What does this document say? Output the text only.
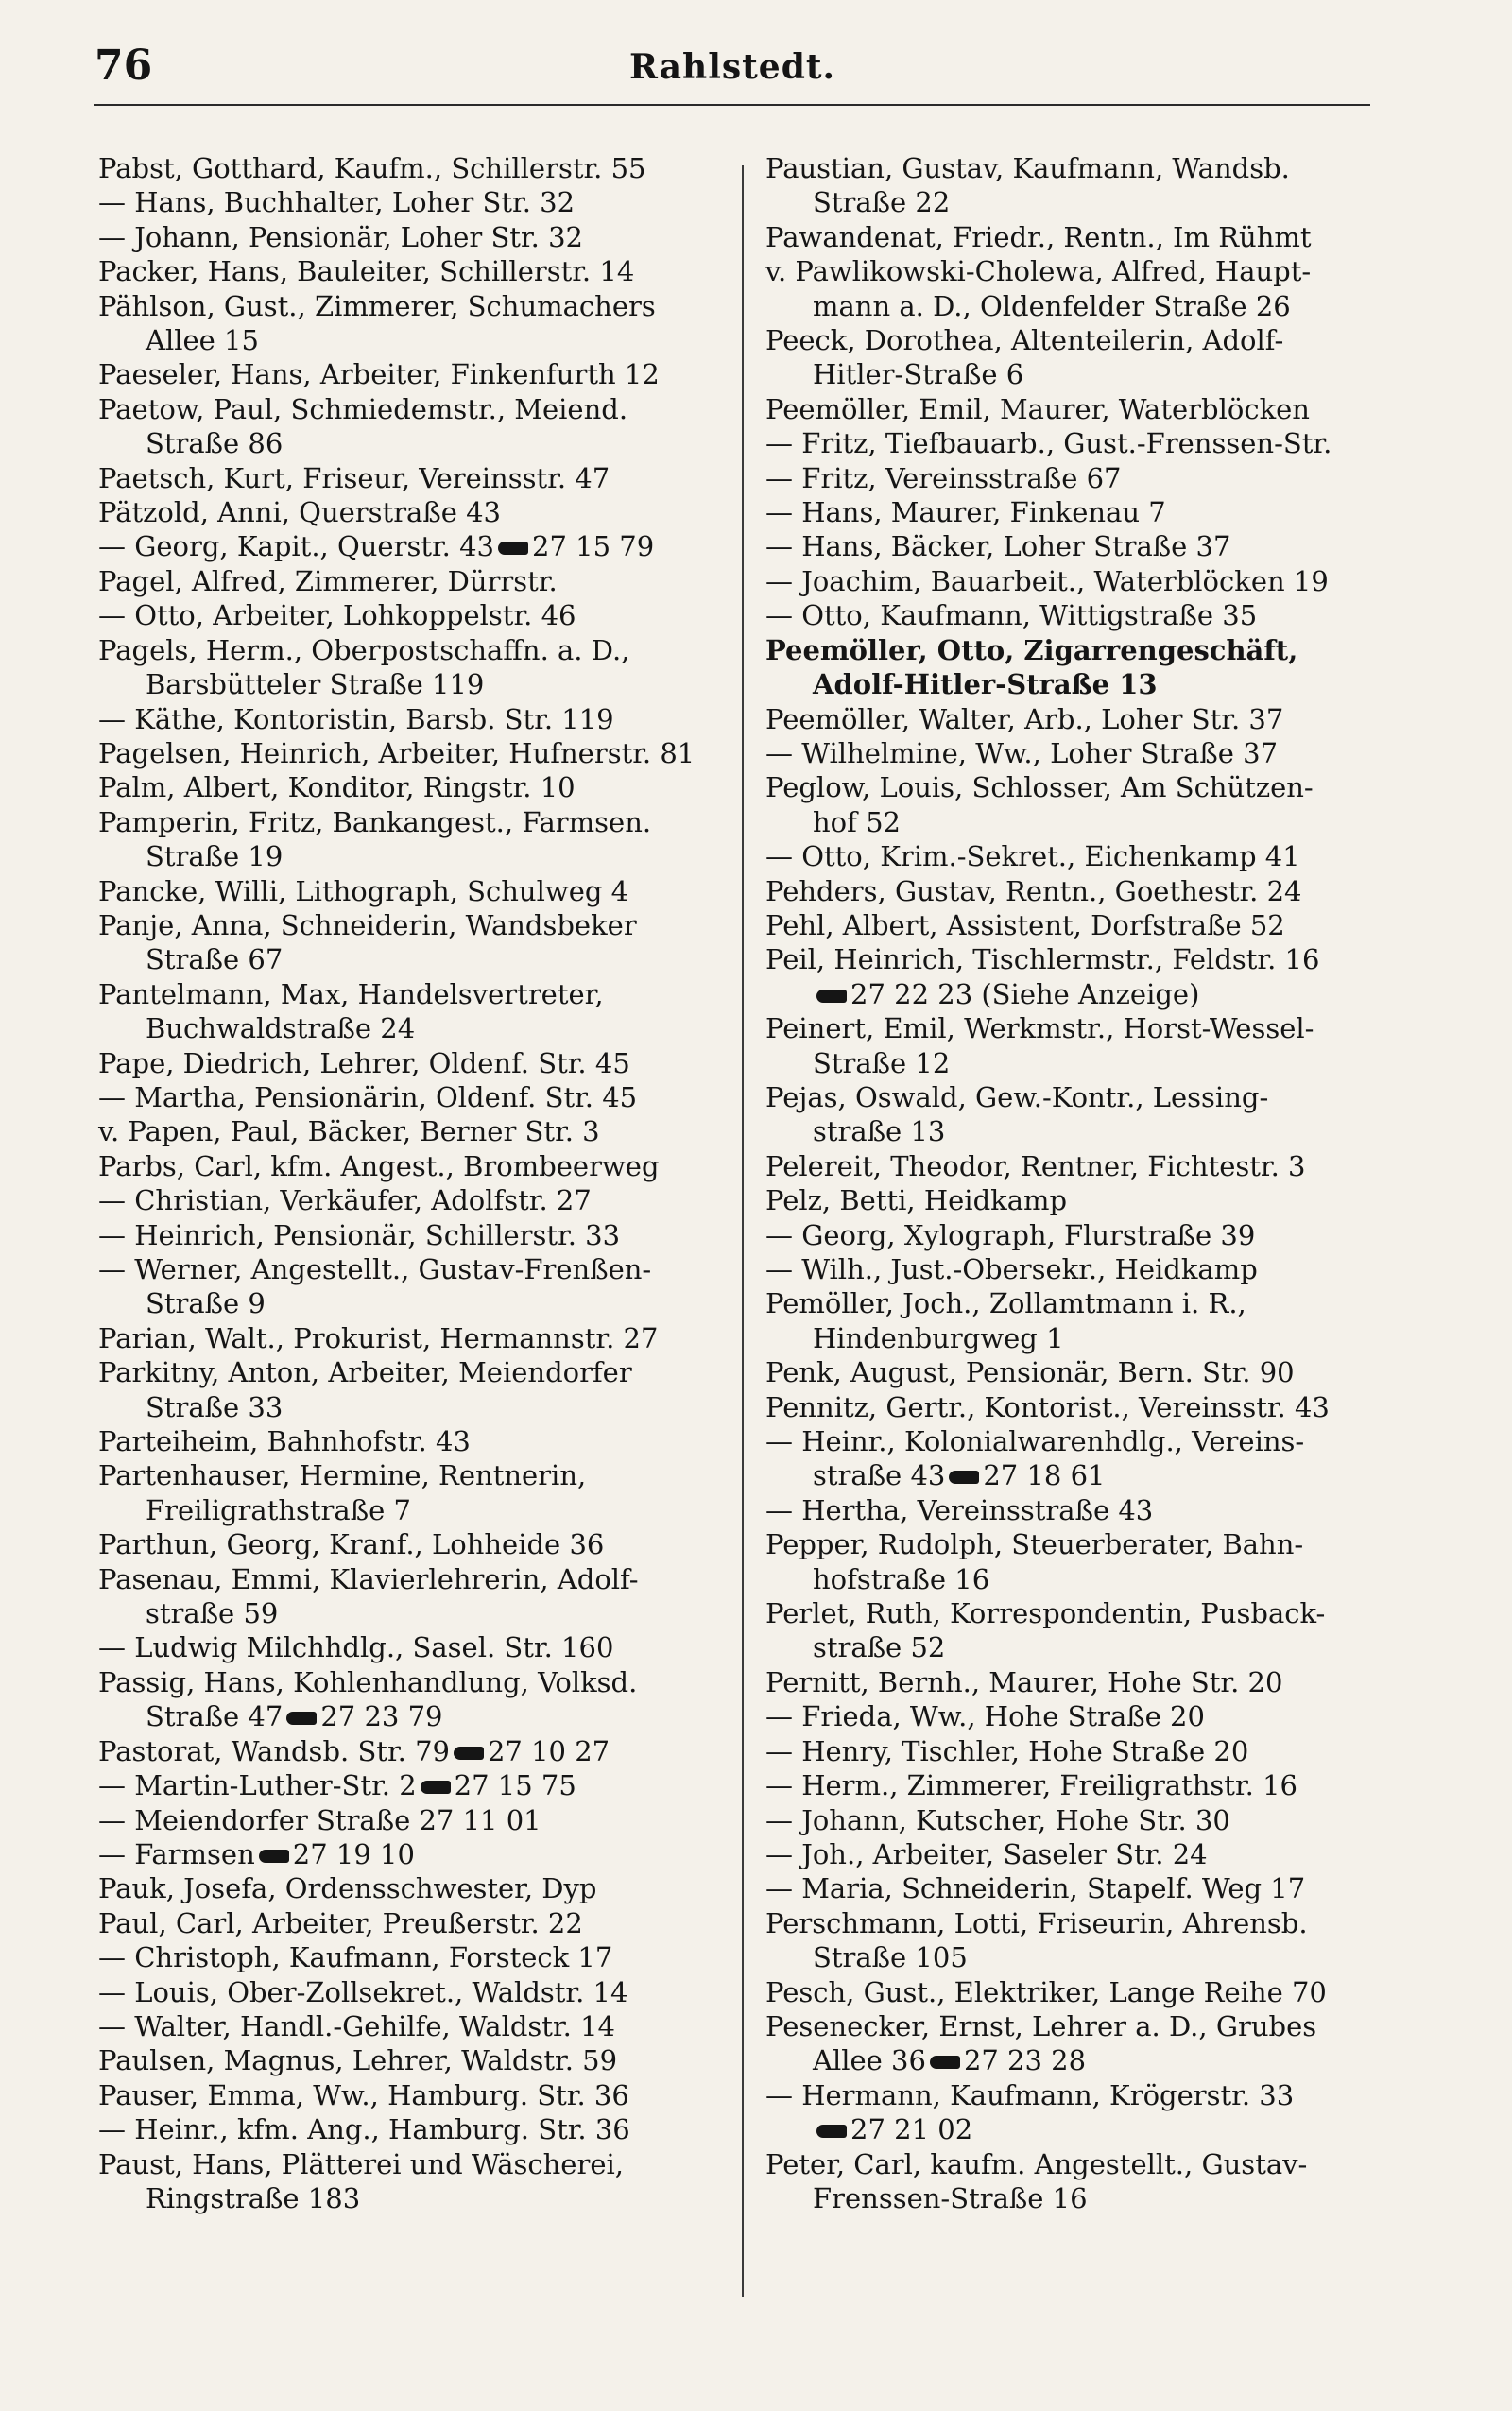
76	Rahlstedt.
Pabst, Gotthard, Kaufm., Schillerstr. 55
— Hans, Buchhalter, Loher Str. 32
— Johann, Pensionär, Loher Str. 32
Packer, Hans, Bauleiter, Schillerstr. 14
Pählson, Gust., Zimmerer, Schumachers
Allee 15
Paeseler, Hans, Arbeiter, Finkenfurth 12
Paetow, Paul, Schmiedemstr., Meiend.
Straße 86
Paetsch, Kurt, Friseur, Vereinsstr. 47
Pätzold, Anni, Querstraße 43
— Georg, Kapit., Querstr. 43 27 15 79
Pagel, Alfred, Zimmerer, Dürrstr.
— Otto, Arbeiter, Lohkoppelstr. 46
Pagels, Herm., Oberpostschaffn. a. D.,
Barsbütteler Straße 119
— Käthe, Kontoristin, Barsb. Str. 119
Pagelsen, Heinrich, Arbeiter, Hufnerstr. 81
Palm, Albert, Konditor, Ringstr. 10
Pamperin, Fritz, Bankangest., Farmsen.
Straße 19
Pancke, Willi, Lithograph, Schulweg 4
Panje, Anna, Schneiderin, Wandsbeker
Straße 67
Pantelmann, Max, Handelsvertreter,
Buchwaldstraße 24
Pape, Diedrich, Lehrer, Oldenf. Str. 45
— Martha, Pensionärin, Oldenf. Str. 45
v. Papen, Paul, Bäcker, Berner Str. 3
Parbs, Carl, kfm. Angest., Brombeerweg
— Christian, Verkäufer, Adolfstr. 27
— Heinrich, Pensionär, Schillerstr. 33
— Werner, Angestellt., Gustav-Frenßen-
Straße 9
Parian, Walt., Prokurist, Hermannstr. 27
Parkitny, Anton, Arbeiter, Meiendorfer
Straße 33
Parteiheim, Bahnhofstr. 43
Partenhauser, Hermine, Rentnerin,
Freiligrathstraße 7
Parthun, Georg, Kranf., Lohheide 36
Pasenau, Emmi, Klavierlehrerin, Adolf-
straße 59
— Ludwig Milchhdlg., Sasel. Str. 160
Passig, Hans, Kohlenhandlung, Volksd.
Straße 47 27 23 79
Pastorat, Wandsb. Str. 79 27 10 27
— Martin-Luther-Str. 2 27 15 75
— Meiendorfer Straße 27 11 01
— Farmsen 27 19 10
Pauk, Josefa, Ordensschwester, Dyp
Paul, Carl, Arbeiter, Preußerstr. 22
— Christoph, Kaufmann, Forsteck 17
— Louis, Ober-Zollsekret., Waldstr. 14
— Walter, Handl.-Gehilfe, Waldstr. 14
Paulsen, Magnus, Lehrer, Waldstr. 59
Pauser, Emma, Ww., Hamburg. Str. 36
— Heinr., kfm. Ang., Hamburg. Str. 36
Paust, Hans, Plätterei und Wäscherei,
Ringstraße 183
Paustian, Gustav, Kaufmann, Wandsb.
Straße 22
Pawandenat, Friedr., Rentn., Im Rühmt
v. Pawlikowski-Cholewa, Alfred, Haupt-
mann a. D., Oldenfelder Straße 26
Peeck, Dorothea, Altenteilerin, Adolf-
Hitler-Straße 6
Peemöller, Emil, Maurer, Waterblöcken
— Fritz, Tiefbauarb., Gust.-Frenssen-Str.
— Fritz, Vereinsstraße 67
— Hans, Maurer, Finkenau 7
— Hans, Bäcker, Loher Straße 37
— Joachim, Bauarbeit., Waterblöcken 19
— Otto, Kaufmann, Wittigstraße 35
Peemöller, Otto, Zigarrengeschäft,
Adolf-Hitler-Straße 13
Peemöller, Walter, Arb., Loher Str. 37
— Wilhelmine, Ww., Loher Straße 37
Peglow, Louis, Schlosser, Am Schützen-
hof 52
— Otto, Krim.-Sekret., Eichenkamp 41
Pehders, Gustav, Rentn., Goethestr. 24
Pehl, Albert, Assistent, Dorfstraße 52
Peil, Heinrich, Tischlermstr., Feldstr. 16
27 22 23 (Siehe Anzeige)
Peinert, Emil, Werkmstr., Horst-Wessel-
Straße 12
Pejas, Oswald, Gew.-Kontr., Lessing-
straße 13
Pelereit, Theodor, Rentner, Fichtestr. 3
Pelz, Betti, Heidkamp
— Georg, Xylograph, Flurstraße 39
— Wilh., Just.-Obersekr., Heidkamp
Pemöller, Joch., Zollamtmann i. R.,
Hindenburgweg 1
Penk, August, Pensionär, Bern. Str. 90
Pennitz, Gertr., Kontorist., Vereinsstr. 43
— Heinr., Kolonialwarenhdlg., Vereins-
straße 43 27 18 61
— Hertha, Vereinsstraße 43
Pepper, Rudolph, Steuerberater, Bahn-
hofstraße 16
Perlet, Ruth, Korrespondentin, Pusback-
straße 52
Pernitt, Bernh., Maurer, Hohe Str. 20
— Frieda, Ww., Hohe Straße 20
— Henry, Tischler, Hohe Straße 20
— Herm., Zimmerer, Freiligrathstr. 16
— Johann, Kutscher, Hohe Str. 30
— Joh., Arbeiter, Saseler Str. 24
— Maria, Schneiderin, Stapelf. Weg 17
Perschmann, Lotti, Friseurin, Ahrensb.
Straße 105
Pesch, Gust., Elektriker, Lange Reihe 70
Pesenecker, Ernst, Lehrer a. D., Grubes
Allee 36 27 23 28
— Hermann, Kaufmann, Krögerstr. 33
27 21 02
Peter, Carl, kaufm. Angestellt., Gustav-
Frenssen-Straße 16
